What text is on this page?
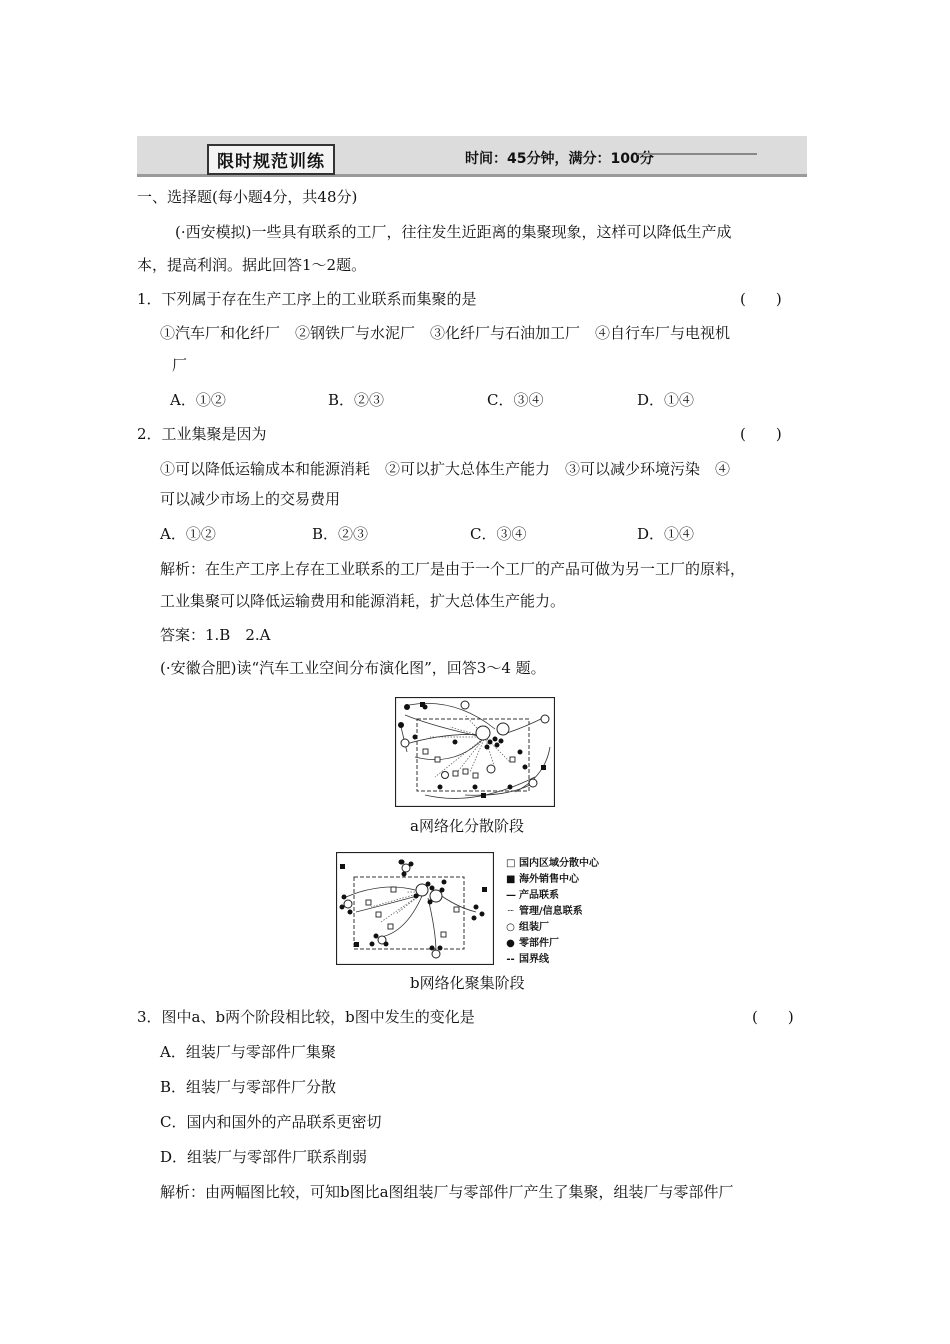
限时规范训练	时间：45分钟，满分：100分
一、选择题(每小题4分，共48分)
(·西安模拟)一些具有联系的工厂，往往发生近距离的集聚现象，这样可以降低生产成
本，提高利润。据此回答1～2题。
1．下列属于存在生产工序上的工业联系而集聚的是	(　　)
①汽车厂和化纤厂　②钢铁厂与水泥厂　③化纤厂与石油加工厂　④自行车厂与电视机
厂
A．①②	B．②③	C．③④	D．①④
2．工业集聚是因为	(　　)
①可以降低运输成本和能源消耗　②可以扩大总体生产能力　③可以减少环境污染　④
可以减少市场上的交易费用
A．①②	B．②③	C．③④	D．①④
解析：在生产工序上存在工业联系的工厂是由于一个工厂的产品可做为另一工厂的原料，
工业集聚可以降低运输费用和能源消耗，扩大总体生产能力。
答案：1.B　2.A
(·安徽合肥)读“汽车工业空间分布演化图”，回答3～4 题。
a网络化分散阶段
□ 国内区域分散中心
■ 海外销售中心
— 产品联系
┈ 管理/信息联系
○ 组装厂
● 零部件厂
-- 国界线
b网络化聚集阶段
3．图中a、b两个阶段相比较，b图中发生的变化是	(　　)
A．组装厂与零部件厂集聚
B．组装厂与零部件厂分散
C．国内和国外的产品联系更密切
D．组装厂与零部件厂联系削弱
解析：由两幅图比较，可知b图比a图组装厂与零部件厂产生了集聚，组装厂与零部件厂
